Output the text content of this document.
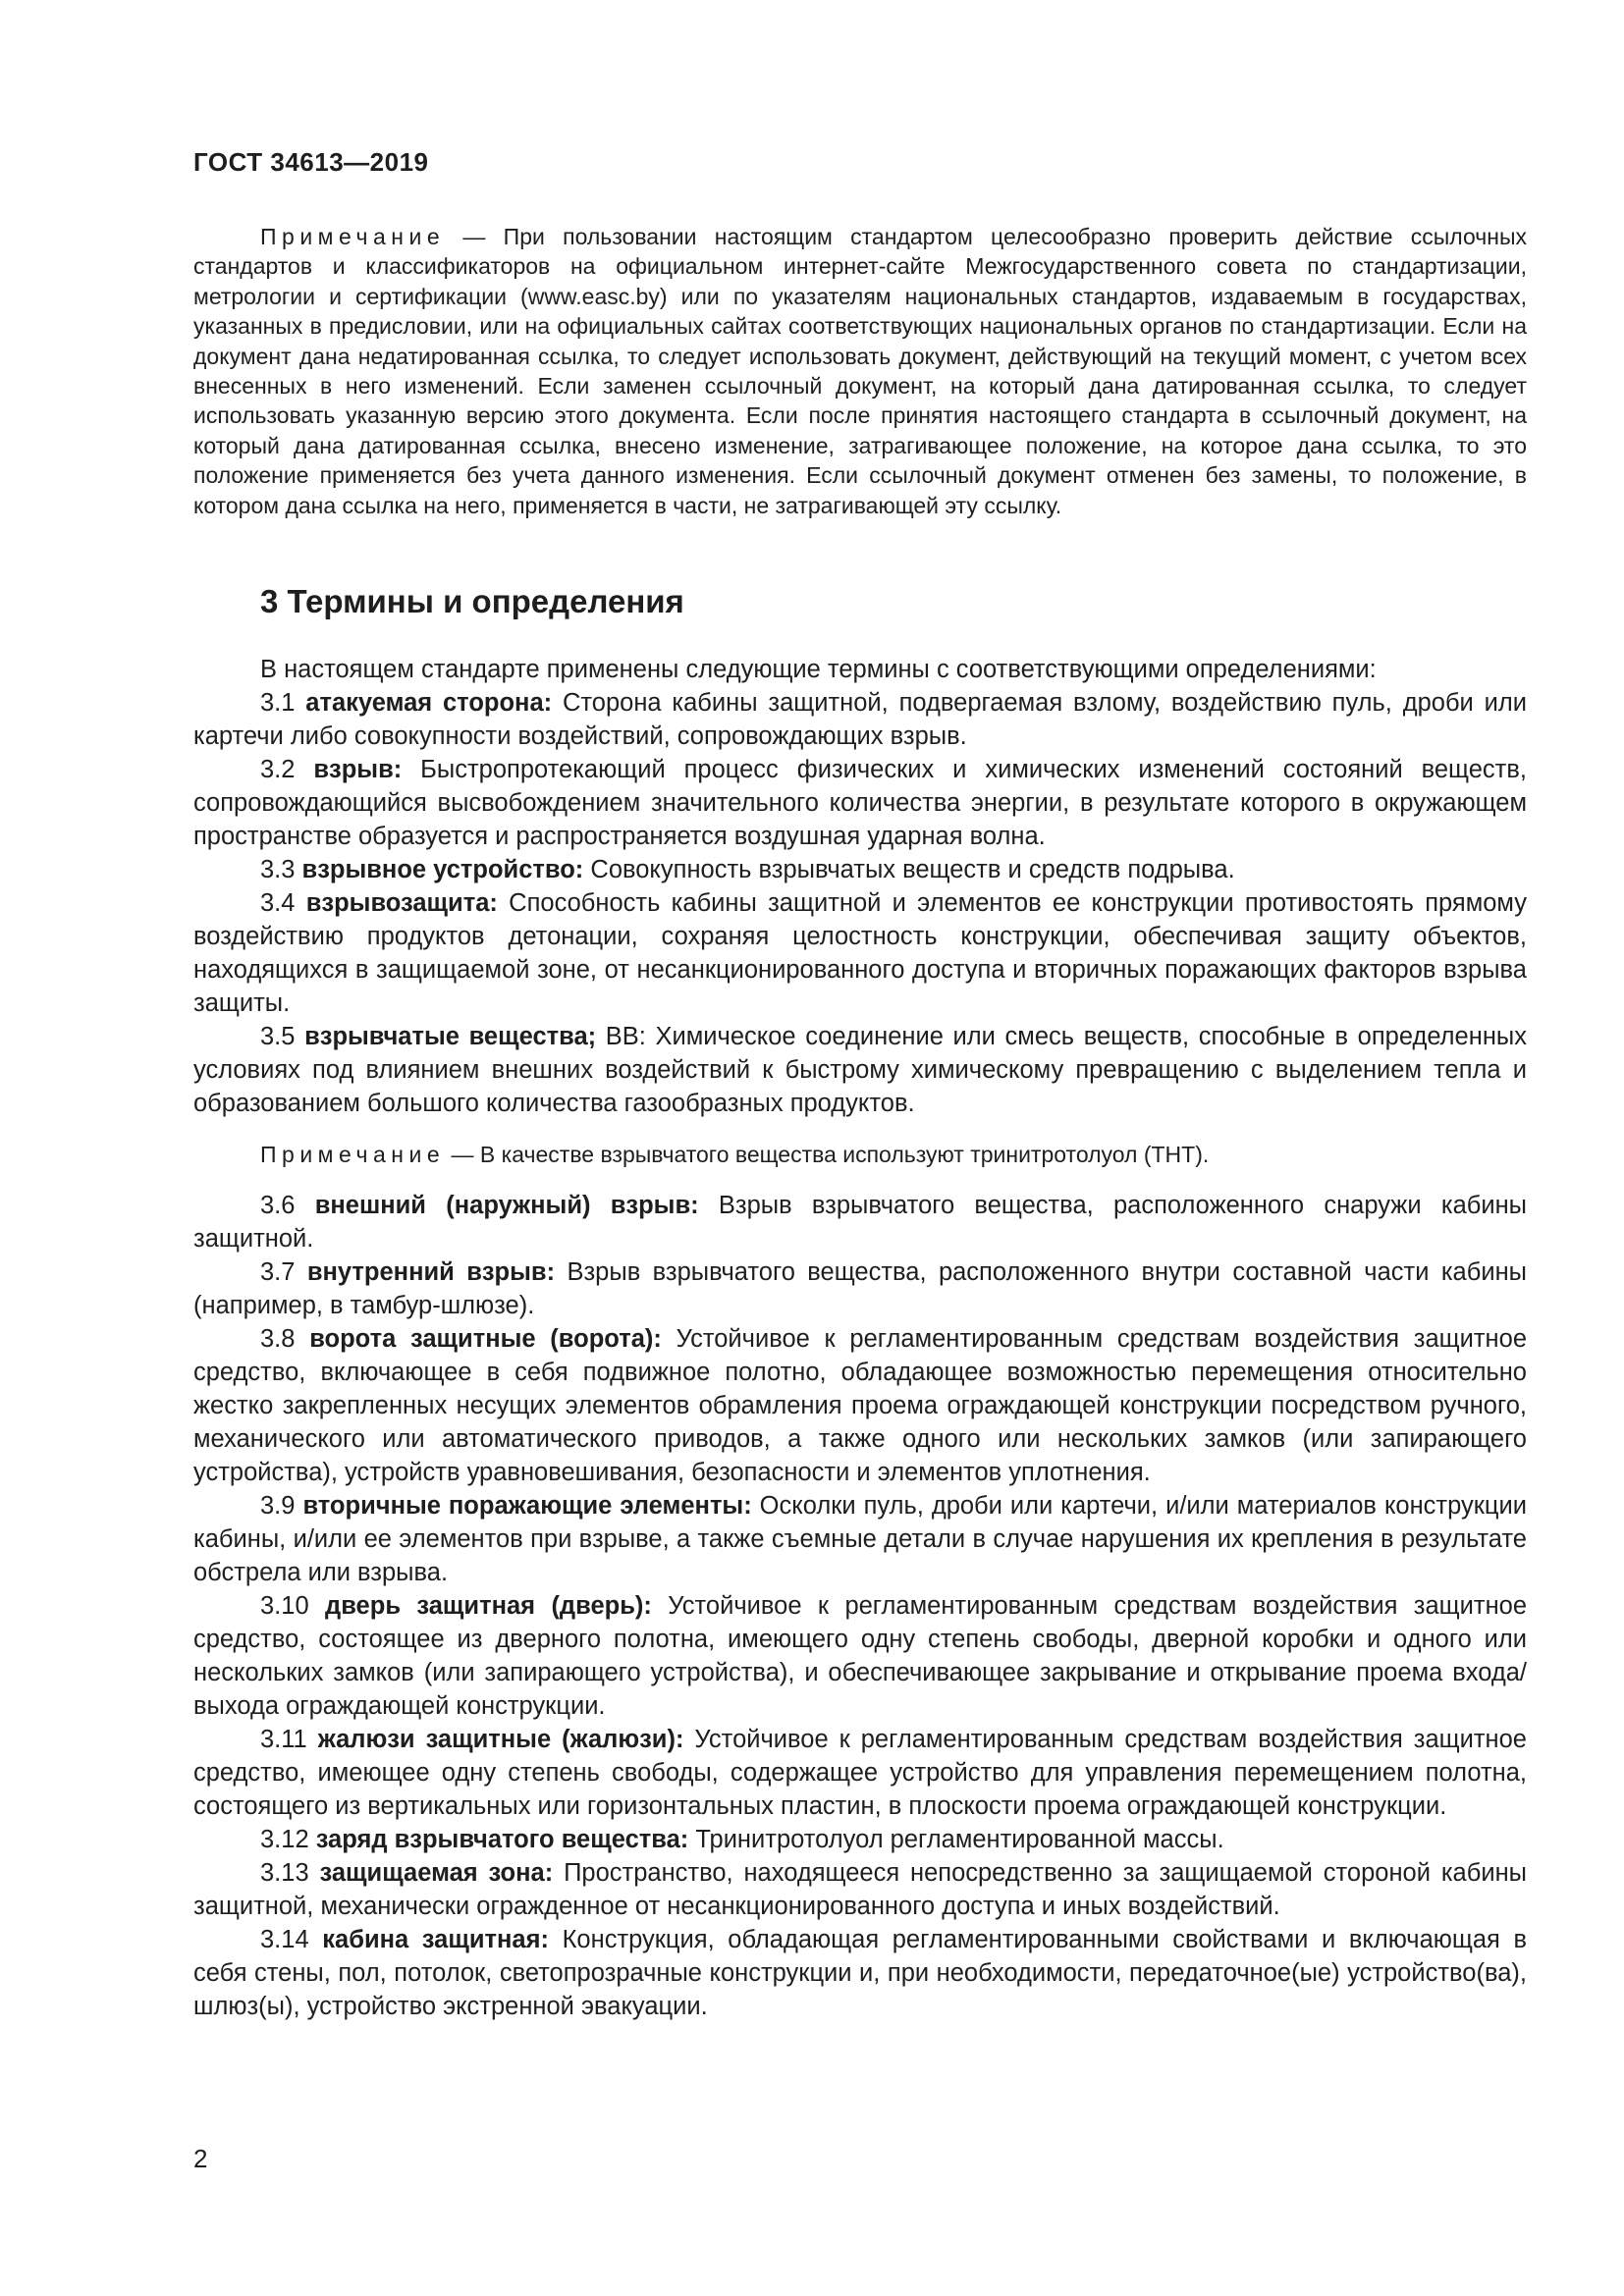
ГОСТ 34613—2019
Примечание — При пользовании настоящим стандартом целесообразно проверить действие ссылочных стандартов и классификаторов на официальном интернет-сайте Межгосударственного совета по стандартизации, метрологии и сертификации (www.easc.by) или по указателям национальных стандартов, издаваемым в государствах, указанных в предисловии, или на официальных сайтах соответствующих национальных органов по стандартизации. Если на документ дана недатированная ссылка, то следует использовать документ, действующий на текущий момент, с учетом всех внесенных в него изменений. Если заменен ссылочный документ, на который дана датированная ссылка, то следует использовать указанную версию этого документа. Если после принятия настоящего стандарта в ссылочный документ, на который дана датированная ссылка, внесено изменение, затрагивающее положение, на которое дана ссылка, то это положение применяется без учета данного изменения. Если ссылочный документ отменен без замены, то положение, в котором дана ссылка на него, применяется в части, не затрагивающей эту ссылку.
3 Термины и определения

В настоящем стандарте применены следующие термины с соответствующими определениями:

3.1 атакуемая сторона: Сторона кабины защитной, подвергаемая взлому, воздействию пуль, дроби или картечи либо совокупности воздействий, сопровождающих взрыв.

3.2 взрыв: Быстропротекающий процесс физических и химических изменений состояний веществ, сопровождающийся высвобождением значительного количества энергии, в результате которого в окружающем пространстве образуется и распространяется воздушная ударная волна.

3.3 взрывное устройство: Совокупность взрывчатых веществ и средств подрыва.

3.4 взрывозащита: Способность кабины защитной и элементов ее конструкции противостоять прямому воздействию продуктов детонации, сохраняя целостность конструкции, обеспечивая защиту объектов, находящихся в защищаемой зоне, от несанкционированного доступа и вторичных поражающих факторов взрыва защиты.

3.5 взрывчатые вещества; ВВ: Химическое соединение или смесь веществ, способные в определенных условиях под влиянием внешних воздействий к быстрому химическому превращению с выделением тепла и образованием большого количества газообразных продуктов.

Примечание — В качестве взрывчатого вещества используют тринитротолуол (ТНТ).

3.6 внешний (наружный) взрыв: Взрыв взрывчатого вещества, расположенного снаружи кабины защитной.

3.7 внутренний взрыв: Взрыв взрывчатого вещества, расположенного внутри составной части кабины (например, в тамбур-шлюзе).

3.8 ворота защитные (ворота): Устойчивое к регламентированным средствам воздействия защитное средство, включающее в себя подвижное полотно, обладающее возможностью перемещения относительно жестко закрепленных несущих элементов обрамления проема ограждающей конструкции посредством ручного, механического или автоматического приводов, а также одного или нескольких замков (или запирающего устройства), устройств уравновешивания, безопасности и элементов уплотнения.

3.9 вторичные поражающие элементы: Осколки пуль, дроби или картечи, и/или материалов конструкции кабины, и/или ее элементов при взрыве, а также съемные детали в случае нарушения их крепления в результате обстрела или взрыва.

3.10 дверь защитная (дверь): Устойчивое к регламентированным средствам воздействия защитное средство, состоящее из дверного полотна, имеющего одну степень свободы, дверной коробки и одного или нескольких замков (или запирающего устройства), и обеспечивающее закрывание и открывание проема входа/выхода ограждающей конструкции.

3.11 жалюзи защитные (жалюзи): Устойчивое к регламентированным средствам воздействия защитное средство, имеющее одну степень свободы, содержащее устройство для управления перемещением полотна, состоящего из вертикальных или горизонтальных пластин, в плоскости проема ограждающей конструкции.

3.12 заряд взрывчатого вещества: Тринитротолуол регламентированной массы.

3.13 защищаемая зона: Пространство, находящееся непосредственно за защищаемой стороной кабины защитной, механически огражденное от несанкционированного доступа и иных воздействий.

3.14 кабина защитная: Конструкция, обладающая регламентированными свойствами и включающая в себя стены, пол, потолок, светопрозрачные конструкции и, при необходимости, передаточное(ые) устройство(ва), шлюз(ы), устройство экстренной эвакуации.

2
